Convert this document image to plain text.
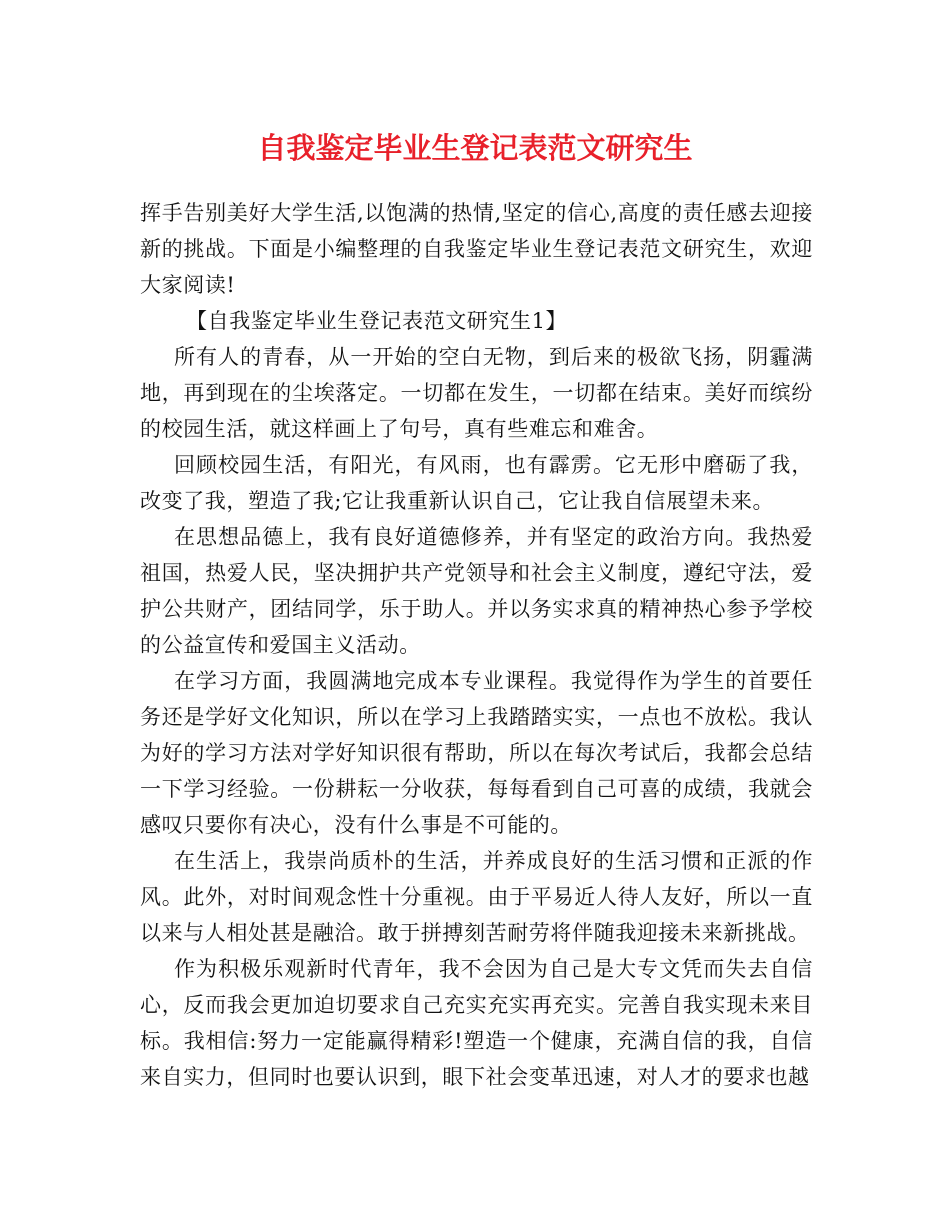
自我鉴定毕业生登记表范文研究生

挥手告别美好大学生活,以饱满的热情,坚定的信心,高度的责任感去迎接新的挑战。下面是小编整理的自我鉴定毕业生登记表范文研究生，欢迎大家阅读!

【自我鉴定毕业生登记表范文研究生1】

所有人的青春，从一开始的空白无物，到后来的极欲飞扬，阴霾满地，再到现在的尘埃落定。一切都在发生，一切都在结束。美好而缤纷的校园生活，就这样画上了句号，真有些难忘和难舍。

回顾校园生活，有阳光，有风雨，也有霹雳。它无形中磨砺了我，改变了我，塑造了我;它让我重新认识自己，它让我自信展望未来。

在思想品德上，我有良好道德修养，并有坚定的政治方向。我热爱祖国，热爱人民，坚决拥护共产党领导和社会主义制度，遵纪守法，爱护公共财产，团结同学，乐于助人。并以务实求真的精神热心参予学校的公益宣传和爱国主义活动。

在学习方面，我圆满地完成本专业课程。我觉得作为学生的首要任务还是学好文化知识，所以在学习上我踏踏实实，一点也不放松。我认为好的学习方法对学好知识很有帮助，所以在每次考试后，我都会总结一下学习经验。一份耕耘一分收获，每每看到自己可喜的成绩，我就会感叹只要你有决心，没有什么事是不可能的。

在生活上，我崇尚质朴的生活，并养成良好的生活习惯和正派的作风。此外，对时间观念性十分重视。由于平易近人待人友好，所以一直以来与人相处甚是融洽。敢于拼搏刻苦耐劳将伴随我迎接未来新挑战。

作为积极乐观新时代青年，我不会因为自己是大专文凭而失去自信心，反而我会更加迫切要求自己充实充实再充实。完善自我实现未来目标。我相信:努力一定能赢得精彩!塑造一个健康，充满自信的我，自信来自实力，但同时也要认识到，眼下社会变革迅速，对人才的要求也越
